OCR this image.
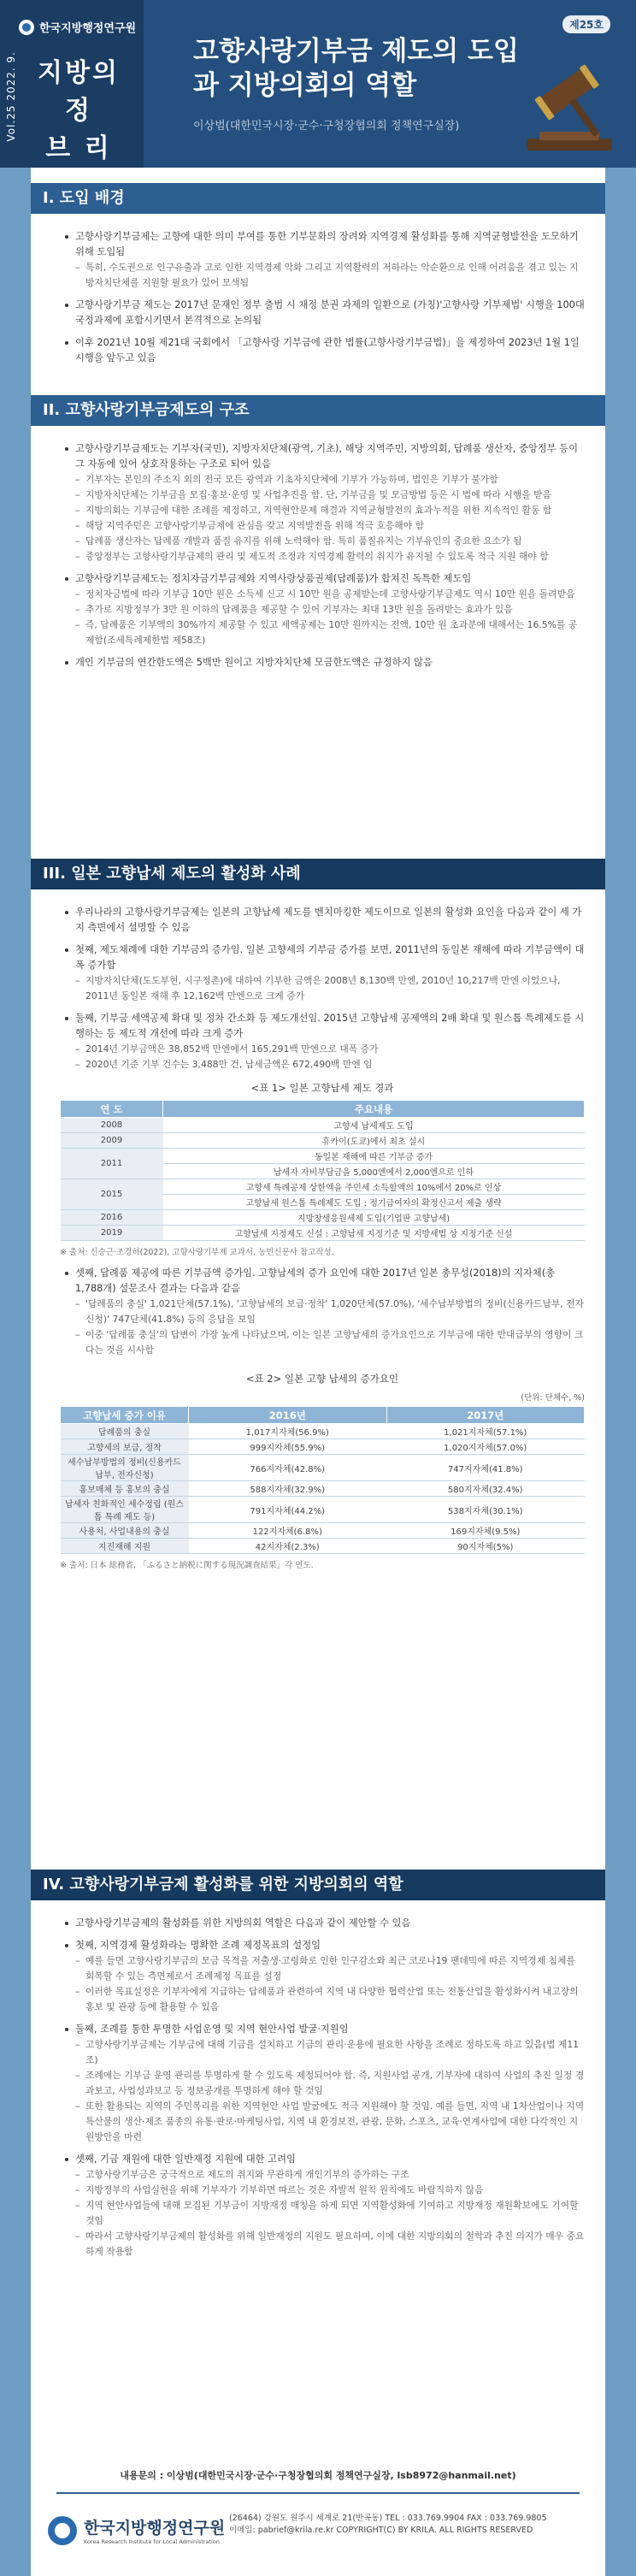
한국지방행정연구원
Vol.25 2022. 9. 지방의정
브 리
제25호
고향사랑기부금 제도의 도입과 지방의회의 역할
이상범(대한민국시장·군수·구청장협의회 정책연구실장)
I. 도입 배경
고향사랑기부금제는 고향에 대한 의미 부여를 통한 기부문화의 장려와 지역경제 활성화를 통해 지역균형발전을 도모하기 위해 도입됨
– 특히, 수도권으로 인구유출과 고로 인한 지역경제 악화 그리고 지역활력의 저하라는 악순환으로 인해 어려움을 겪고 있는 지방자치단체를 지원할 필요가 있어 모색됨
고향사랑기부금 제도는 2017년 문재인 정부 출범 시 채정 분권 과제의 일환으로 (가칭)'고향사랑 기부제법' 시행을 100대 국정과제에 포함시키면서 본격적으로 논의됨
이후 2021년 10월 제21대 국회에서 「고향사랑 기부금에 관한 법률(고향사랑기부금법)」을 제정하여 2023년 1월 1일 시행을 앞두고 있음
II. 고향사랑기부금제도의 구조
고향사랑기부금제도는 기부자(국민), 지방자치단체(광역, 기초), 해당 지역주민, 지방의회, 답례품 생산자, 중앙정부 등이 그 자동에 있어 상호작용하는 구조로 되어 있음
– 기부자는 본인의 주소지 외의 전국 모든 광역과 기초자치단체에 기부가 가능하며, 법인은 기부가 불가함
– 지방자치단체는 기부금을 모집·홍보·운영 및 사업추진을 함. 단, 기부금을 및 모금방법 등은 시 법에 따라 시행을 받음
– 지방의회는 기부금에 대한 조례를 제정하고, 지역현안문제 해결과 지역균형발전의 효과누적을 위한 지속적인 활동 함
– 해당 지역주민은 고향사랑기부금제에 관심을 갖고 지역발전을 위해 적극 호응해야 함
– 답례품 생산자는 답례품 개발과 품질 유지를 위해 노력해야 함. 특히 품질유지는 기부유인의 중요한 요소가 됨
– 중앙정부는 고향사랑기부금제의 관리 및 제도적 조정과 지역경제 활력의 취지가 유지될 수 있도록 적극 지원 해야 함
고향사랑기부금제도는 정치자금기부금제와 지역사랑상품권제(답례품)가 합쳐진 독특한 제도임
– 정치자금법에 따라 기부금 10만 원은 소득세 신고 시 10만 원을 공제받는데 고향사랑기부금제도 역시 10만 원을 돌려받음
– 추가로 지방정부가 3만 원 이하의 답례품을 제공할 수 있어 기부자는 최대 13만 원을 돌려받는 효과가 있음
– 즉, 답례품은 기부액의 30%까지 제공할 수 있고 세액공제는 10만 원까지는 전액, 10만 원 초과분에 대해서는 16.5%를 공제함(조세특례제한법 제58조)
개인 기부금의 연간한도액은 5백만 원이고 지방자치단체 모금한도액은 규정하지 않음
III. 일본 고향납세 제도의 활성화 사례
우리나라의 고향사랑기부금제는 일본의 고향납세 제도를 벤치마킹한 제도이므로 일본의 활성화 요인을 다음과 같이 세 가지 측면에서 설명할 수 있음
첫째, 제도채례에 대한 기부금의 증가임. 일본 고향세의 기부금 증가를 보면, 2011년의 동일본 재해에 따라 기부금액이 대폭 증가함
– 지방자치단체(도도부현, 시구정촌)에 대하여 기부한 금액은 2008년 8,130백 만엔, 2010년 10,217백 만엔 이었으나, 2011년 동일본 재해 후 12,162백 만엔으로 크게 증가
둘째, 기부금 세액공제 확대 및 정차 간소화 등 제도개선임. 2015년 고향납세 공제액의 2배 확대 및 원스톱 특례제도를 시행하는 등 제도적 개선에 따라 크게 증가
– 2014년 기부금액은 38,852백 만엔에서 165,291백 만엔으로 대폭 증가
– 2020년 기준 기부 건수는 3,488만 건, 납세금액은 672,490백 만엔 임
<표 1> 일본 고향납세 제도 경과
연 도	주요내용
2008	고향세 납세제도 도입
2009	휴카이(도쿄)에서 최초 실시
2011	동일본 재해에 따른 기부금 증가
	납세자 자비부담금을 5,000엔에서 2,000엔으로 인하
2015	고향세 특례공제 상한액을 주민세 소득할액의 10%에서 20%로 인상
	고향납세 원스톱 특례제도 도입 : 정기급여자의 확정신고서 제출 생략
2016	지방창생응원세제 도입(기업판 고향납세)
2019	고향납세 지정제도 신설 : 고향납세 지정기준 및 지방세법 상 지정기준 신설
※ 출처: 신승근·조경하(2022), 고향사랑기부제 교과서, 농민신문사 참고작성.
셋째, 답례품 제공에 따른 기부금액 증가임. 고향납세의 증가 요인에 대한 2017년 일본 총무성(2018)의 지자체(총 1,788개) 설문조사 결과는 다음과 같음
– '답례품의 충실' 1,021단체(57.1%), '고향납세의 보급·정착' 1,020단체(57.0%), '세수납부방법의 정비(신용카드납부, 전자신청)' 747단체(41.8%) 등의 응답을 보임
– 이중 '답례품 충실'의 답변이 가장 높게 나타났으며, 이는 일본 고향납세의 증가요인으로 기부금에 대한 반대급부의 영향이 크다는 것을 시사함
<표 2> 일본 고향 납세의 증가요인
(단위: 단체수, %)
고향납세 증가 이유	2016년	2017년
답례품의 충실	1,017지자체(56.9%)	1,021지자체(57.1%)
고향세의 보급, 정착	999지자체(55.9%)	1,020지자체(57.0%)
세수납부방법의 정비(신용카드납부, 전자신청)	766지자체(42.8%)	747지자체(41.8%)
홍보매체 등 홍보의 충실	588지자체(32.9%)	580지자체(32.4%)
납세자 친화적인 세수정립 (원스톱 특례 제도 등)	791지자체(44.2%)	538지자체(30.1%)
사용처, 사업내용의 충실	122지자체(6.8%)	169지자체(9.5%)
지진재해 지원	42지자체(2.3%)	90지자체(5%)
※ 출처: 日本 総務省, 「ふるさと納税に関する現況調査結果」각 연도.
IV. 고향사랑기부금제 활성화를 위한 지방의회의 역할
고향사랑기부금제의 활성화를 위한 지방의회 역할은 다음과 같이 제안할 수 있음
첫째, 지역경제 활성화라는 명확한 조례 제정목표의 설정임
– 예를 들면 고향사랑기부금의 모금 목적을 저출생·고령화로 인한 인구감소와 최근 코로나19 팬데믹에 따른 지역경제 침체를 회복할 수 있는 측면제로서 조례제정 목표를 설정
– 이러한 목표설정은 기부자에게 지급하는 답례품과 관련하여 지역 내 다양한 협력산업 또는 전통산업을 활성화시켜 내고장의 홍보 및 관광 등에 활용할 수 있음
둘째, 조례를 통한 투명한 사업운영 및 지역 현안사업 발굴·지원임
– 고향사랑기부금제는 기부금에 대해 기금을 설치하고 기금의 관리·운용에 필요한 사항을 조례로 정하도록 하고 있음(법 제11조)
– 조례에는 기부금 운영 관리를 투명하게 할 수 있도록 제정되어야 함. 즉, 지원사업 공개, 기부자에 대하여 사업의 추진 일정 경과보고, 사업성과보고 등 정보공개를 투명하게 해야 할 것임
– 또한 활용되는 지역의 주민복리를 위한 지역현안 사업 발굴에도 적극 지원해야 할 것임. 예를 들면, 지역 내 1차산업이나 지역특산물의 생산·제조 품종의 유통·판로·마케팅사업, 지역 내 환경보전, 관광, 문화, 스포츠, 교육·연계사업에 대한 다각적인 지원방안을 마련
셋째, 기금 재원에 대한 일반재정 지원에 대한 고려임
– 고향사랑기부금은 궁극적으로 제도의 취지와 무관하게 개인기부의 증가하는 구조
– 지방정부의 사업실현을 위해 기부자가 기부하면 따르는 것은 자발적 원칙 원칙에도 바람직하지 않음
– 지역 현안사업들에 대해 모집된 기부금이 지방재정 매칭을 하게 되면 지역활성화에 기여하고 지방재정 재원확보에도 기여할 것임
– 따라서 고향사랑기부금제의 활성화를 위해 일반재정의 지원도 필요하며, 이에 대한 지방의회의 철학과 추진 의지가 매우 중요하게 작용함
내용문의 : 이상범(대한민국시장·군수·구청장협의회 정책연구실장, lsb8972@hanmail.net)
한국지방행정연구원
Korea Research Institute for Local Administration
(26464) 강원도 원주시 세계로 21(반곡동) TEL : 033.769.9904 FAX : 033.769.9805
이메일: pabrief@krila.re.kr COPYRIGHT(C) BY KRILA. ALL RIGHTS RESERVED
